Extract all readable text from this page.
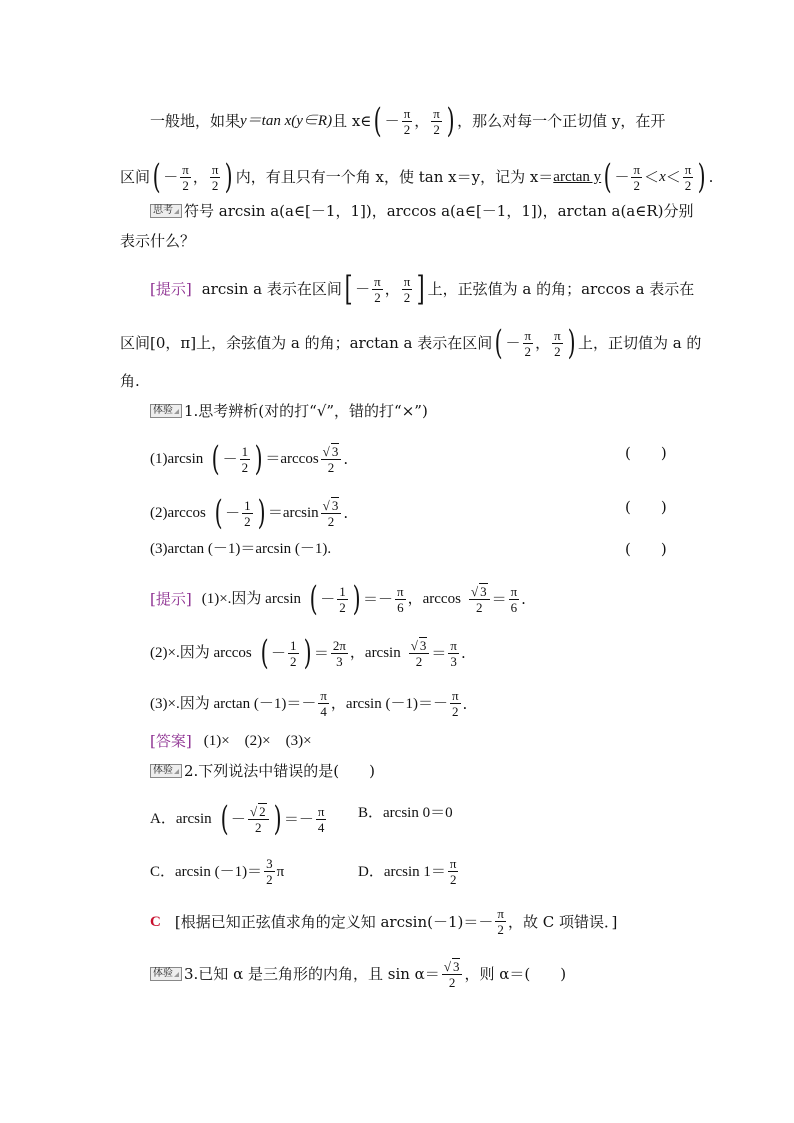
一般地，如果 y＝tan x(y∈R) 且 x∈ ( － $\frac{\pi}{2}$ ， $\frac{\pi}{2}$ ) ，那么对每一个正切值 y，在开
区间 ( － $\frac{\pi}{2}$ ， $\frac{\pi}{2}$ ) 内，有且只有一个角 x，使 tan x＝y，记为 x＝ arctan y ( － $\frac{\pi}{2} < x < \frac{\pi}{2}$ ) .
思考 符号 arcsin a(a∈[－1，1])，arccos a(a∈[－1，1])，arctan a(a∈R)分别
表示什么？
[提示] arcsin a 表示在区间 [ － $\frac{\pi}{2}$ ， $\frac{\pi}{2}$ ] 上，正弦值为 a 的角；arccos a 表示在
区间[0，π]上，余弦值为 a 的角；arctan a 表示在区间 ( － $\frac{\pi}{2}$ ， $\frac{\pi}{2}$ ) 上，正切值为 a 的
角.
体验 1.思考辨析(对的打“√”，错的打“×”)
(1)arcsin ( － $\frac{1}{2}$ ) $=\arccos \frac{√ 3}{2}$ .	(　　)
(2)arccos ( － $\frac{1}{2}$ ) $=\arcsin \frac{√ 3}{2}$ .	(　　)
(3)arctan (－1)＝arcsin (－1).	(　　)
[提示] (1)×.因为 arcsin ( － $\frac{1}{2}$ ) ＝－ $\frac{\pi}{6}$ ，$\arccos \frac{√ 3}{2} = \frac{\pi}{6}$ .
(2)×.因为 arccos ( － $\frac{1}{2}$ ) ＝ $\frac{2\pi}{3}$ ，$\arcsin \frac{√ 3}{2} = \frac{\pi}{3}$ .
(3)×.因为 $\arctan (-1)=- \frac{\pi}{4}$ ，$\arcsin (-1)=- \frac{\pi}{2}$ .
[答案] (1)×　(2)×　(3)×
体验 2.下列说法中错误的是(　　)
A．arcsin ( － $\frac{√ 2}{2}$ ) ＝－ $\frac{\pi}{4}$ B．arcsin 0＝0
C．$\arcsin (-1)= \frac{3}{2}$ π	D．$\arcsin 1= \frac{\pi}{2}$
C [根据已知正弦值求角的定义知 $\arcsin(-1)=- \frac{\pi}{2}$ ，故 C 项错误．]
体验 3.已知 α 是三角形的内角，且 $\sin \alpha= \frac{√ 3}{2}$ ，则 α＝(　　)
